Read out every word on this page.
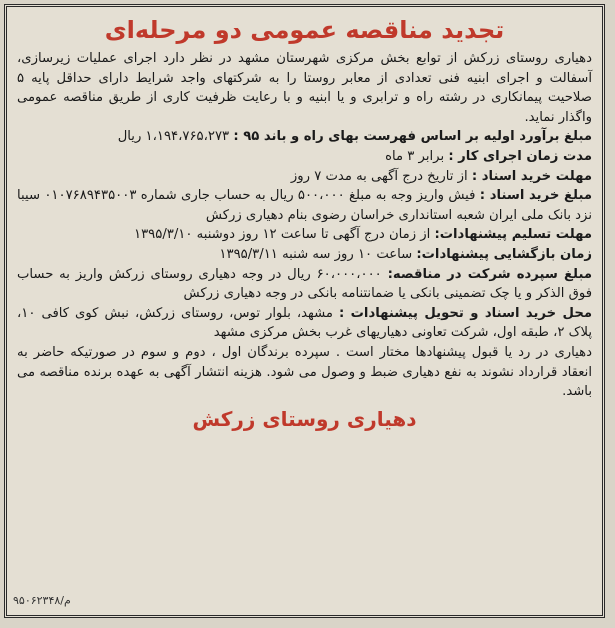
تجدید مناقصه عمومی دو مرحله‌ای

دهیاری روستای زرکش از توابع بخش مرکزی شهرستان مشهد در نظر دارد اجرای عملیات زیرسازی، آسفالت و اجرای ابنیه فنی تعدادی از معابر روستا را به شرکتهای واجد شرایط دارای حداقل پایه ۵ صلاحیت پیمانکاری در رشته راه و ترابری و یا ابنیه و با رعایت ظرفیت کاری از طریق مناقصه عمومی واگذار نماید.

مبلغ برآورد اولیه بر اساس فهرست بهای راه و باند ۹۵ : ۱،۱۹۴،۷۶۵،۲۷۳ ریال

مدت زمان اجرای کار : برابر ۳ ماه

مهلت خرید اسناد : از تاریخ درج آگهی به مدت ۷ روز

مبلغ خرید اسناد : فیش واریز وجه به مبلغ ۵۰۰،۰۰۰ ریال به حساب جاری شماره ۰۱۰۷۶۸۹۴۳۵۰۰۳ سیبا نزد بانک ملی ایران شعبه استانداری خراسان رضوی بنام دهیاری زرکش

مهلت تسلیم پیشنهادات: از زمان درج آگهی تا ساعت ۱۲ روز دوشنبه ۱۳۹۵/۳/۱۰

زمان بازگشایی پیشنهادات: ساعت ۱۰ روز سه شنبه ۱۳۹۵/۳/۱۱

مبلغ سپرده شرکت در مناقصه: ۶۰،۰۰۰،۰۰۰ ریال در وجه دهیاری روستای زرکش واریز به حساب فوق الذکر و یا چک تضمینی بانکی یا ضمانتنامه بانکی در وجه دهیاری زرکش

محل خرید اسناد و تحویل پیشنهادات : مشهد، بلوار توس، روستای زرکش، نبش کوی کافی ۱۰، پلاک ۲، طبقه اول، شرکت تعاونی دهیاریهای غرب بخش مرکزی مشهد

دهیاری در رد یا قبول پیشنهادها مختار است . سپرده برندگان اول ، دوم و سوم در صورتیکه حاضر به انعقاد قرارداد نشوند به نفع دهیاری ضبط و وصول می شود. هزینه انتشار آگهی به عهده برنده مناقصه می باشد.

دهیاری روستای زرکش
۹۵۰۶۲۳۴۸/م
